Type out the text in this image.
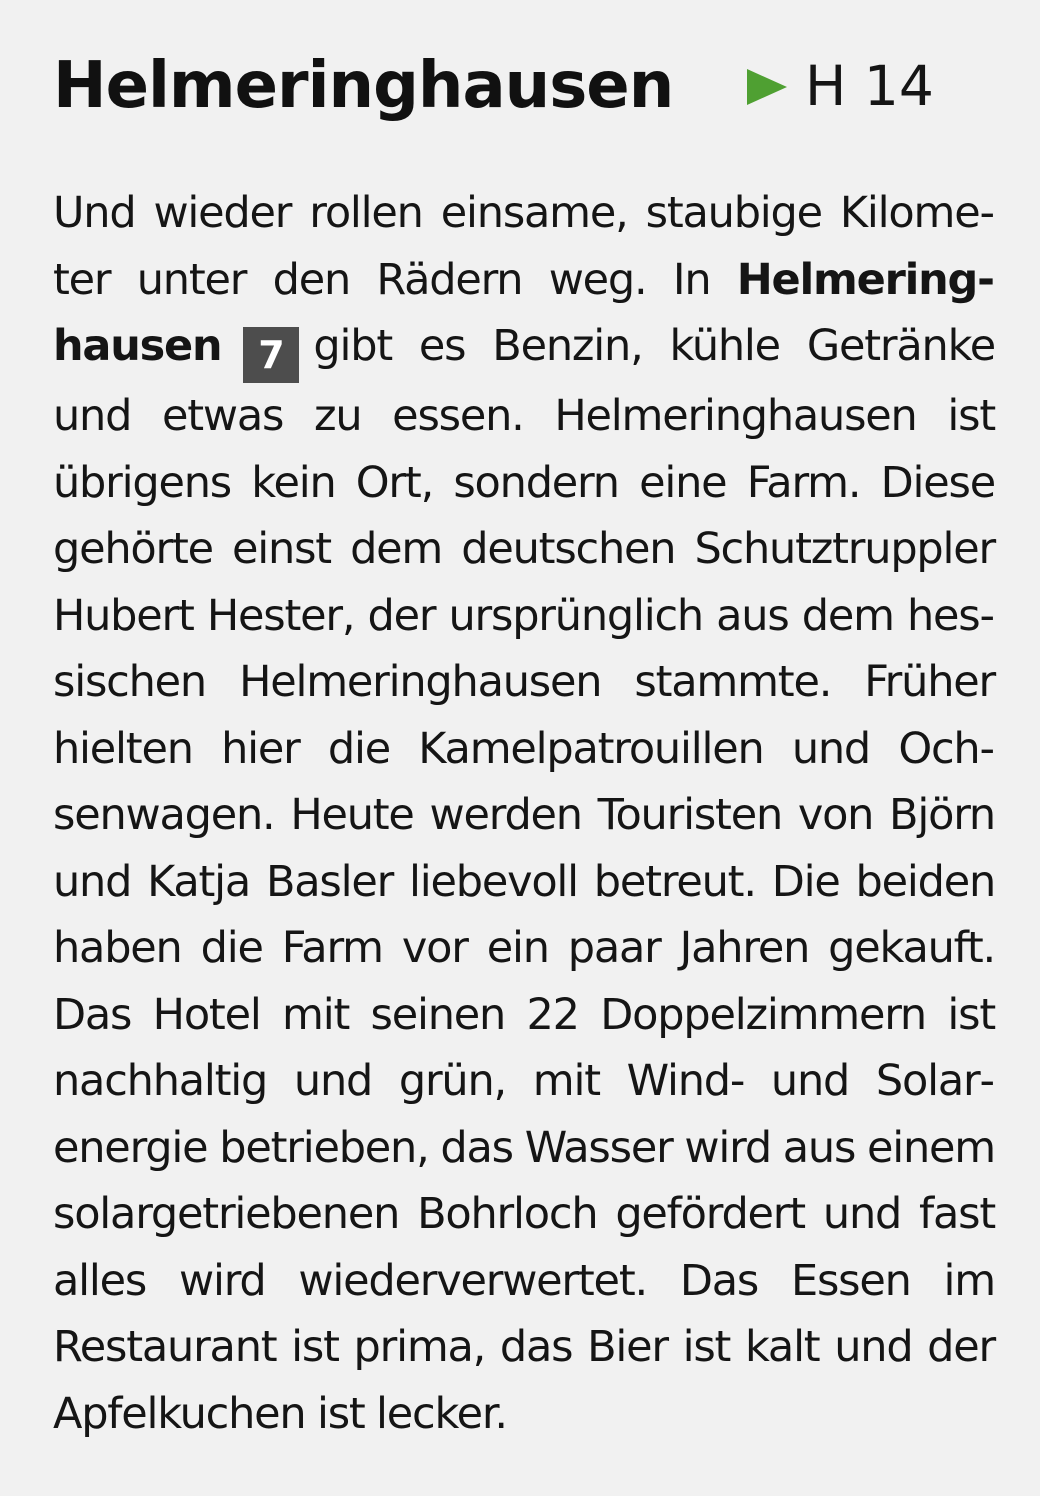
Helmeringhausen H 14

Und wieder rollen einsame, staubige Kilometer unter den Rädern weg. In Helmeringhausen 7 gibt es Benzin, kühle Getränke und etwas zu essen. Helmeringhausen ist übrigens kein Ort, sondern eine Farm. Diese gehörte einst dem deutschen Schutztruppler Hubert Hester, der ursprünglich aus dem hessischen Helmeringhausen stammte. Früher hielten hier die Kamelpatrouillen und Ochsenwagen. Heute werden Touristen von Björn und Katja Basler liebevoll betreut. Die beiden haben die Farm vor ein paar Jahren gekauft. Das Hotel mit seinen 22 Doppelzimmern ist nachhaltig und grün, mit Wind- und Solarenergie betrieben, das Wasser wird aus einem solargetriebenen Bohrloch gefördert und fast alles wird wiederverwertet. Das Essen im Restaurant ist prima, das Bier ist kalt und der Apfelkuchen ist lecker.
